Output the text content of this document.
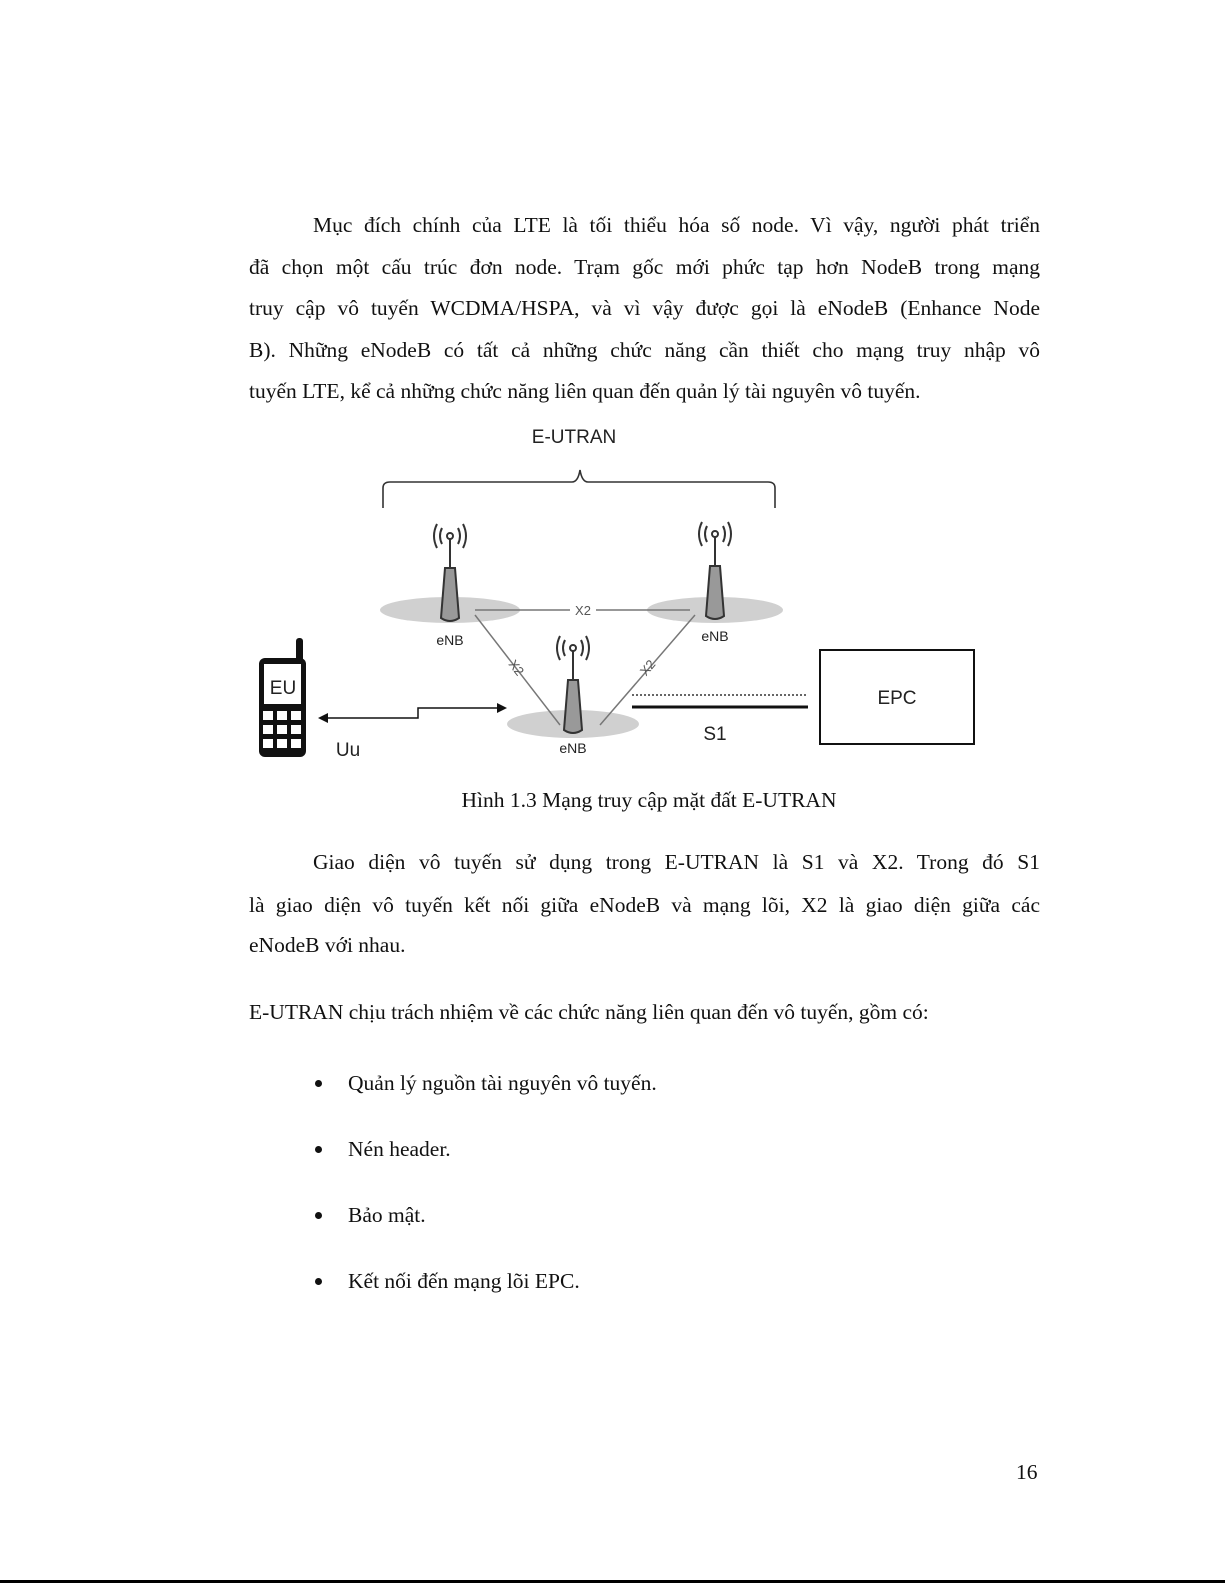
Mục đích chính của LTE là tối thiểu hóa số node. Vì vậy, người phát triển
đã chọn một cấu trúc đơn node. Trạm gốc mới phức tạp hơn NodeB trong mạng
truy cập vô tuyến WCDMA/HSPA, và vì vậy được gọi là eNodeB (Enhance Node
B). Những eNodeB có tất cả những chức năng cần thiết cho mạng truy nhập vô
tuyến LTE, kể cả những chức năng liên quan đến quản lý tài nguyên vô tuyến.
E-UTRAN
X2
X2	X2
eNB	eNB
eNB
S1
EPC
EU
Uu
Hình 1.3 Mạng truy cập mặt đất E-UTRAN
Giao diện vô tuyến sử dụng trong E-UTRAN là S1 và X2. Trong đó S1
là giao diện vô tuyến kết nối giữa eNodeB và mạng lõi, X2 là giao diện giữa các
eNodeB với nhau.
E-UTRAN chịu trách nhiệm về các chức năng liên quan đến vô tuyến, gồm có:
Quản lý nguồn tài nguyên vô tuyến.
Nén header.
Bảo mật.
Kết nối đến mạng lõi EPC.
16
